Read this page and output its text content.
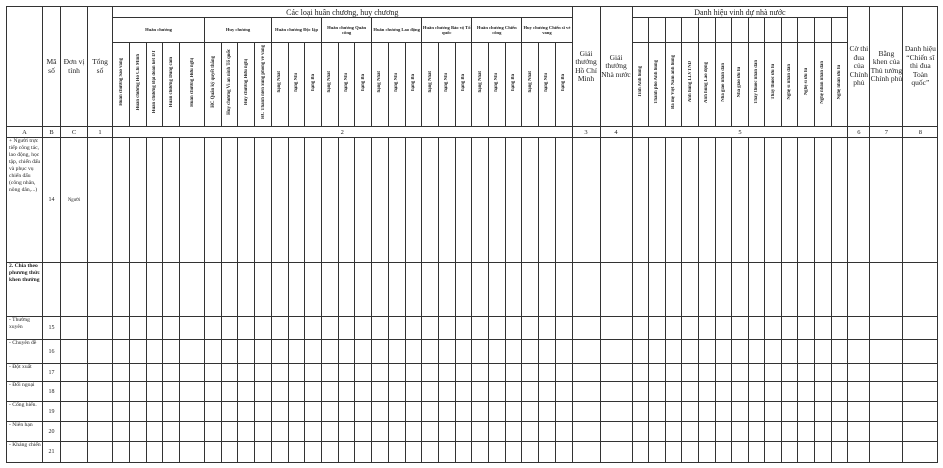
	Mã số	Đơn vị tính	Tổng số	Các loại huân chương, huy chương																											Giải thưởng Hồ Chí Minh	Giải thưởng Nhà nước	Danh hiệu vinh dự nhà nước													Cờ thi đua của Chính phủ	Bằng khen của Thủ tướng Chính phủ	Danh hiệu “Chiến sĩ thi đua Toàn quốc”
				Huân chương					Huy chương				Huân chương Độc lập			Huân chương Quân công			Huân chương Lao động			Huân chương Bảo vệ Tổ quốc			Huân chương Chiến công			Huy chương Chiến sĩ vẻ vang																				
				Huân chương Sao vàng	Huân chương Hồ Chí Minh	Huân chương Đại đoàn kết DT	Huân chương Dũng cảm	Huân chương Hữu nghị	HC Quân kỳ quyết thắng	Huy chương Vì an ninh Tổ quốc	Huy chương Hữu nghị	HC Thanh niên xung phong vẻ vang	hạng Nhất	hạng Nhì	hạng Ba	hạng Nhất	hạng Nhì	hạng Ba	hạng Nhất	hạng Nhì	hạng Ba	hạng Nhất	hạng Nhì	hạng Ba	hạng Nhất	hạng Nhì	hạng Ba	hạng Nhất	hạng Nhì	hạng Ba			Tỉnh Anh hùng	Thành phố Anh hùng	Bà mẹ Việt Nam anh hùng	Anh hùng LLVTND	Anh hùng Lao động	Nhà giáo nhân dân	Nhà giáo ưu tú	Thầy thuốc nhân dân	Thầy thuốc ưu tú	Nghệ sĩ nhân dân	Nghệ sĩ ưu tú	Nghệ nhân nhân dân	Nghệ nhân ưu tú			
A	B	C	1	2																											3	4	5													6	7	8
+ Người trực tiếp công tác, lao động, học tập, chiến đấu và phục vụ chiến đấu (công nhân, nông dân,...)	14	Người																																														
2. Chia theo phương thức khen thưởng																																																
- Thường xuyên	15																																															
- Chuyên đề	16																																															
- Đột xuất	17																																															
- Đối ngoại	18																																															
- Cống hiến.	19																																															
- Niên hạn	20																																															
- Kháng chiến	21																																															
